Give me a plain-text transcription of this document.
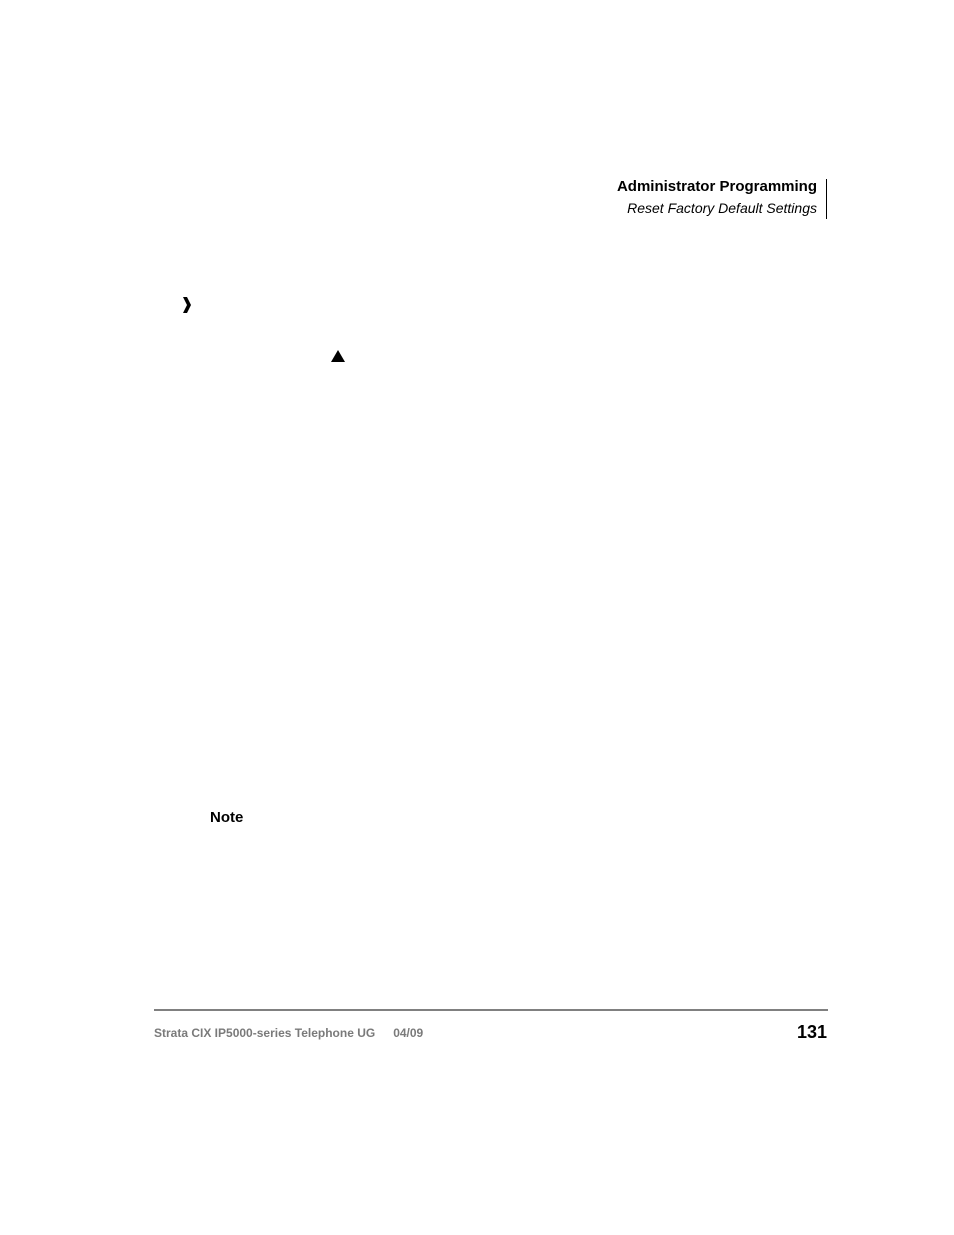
Administrator Programming
Reset Factory Default Settings
Note
Strata CIX IP5000-series Telephone UG 04/09	131
